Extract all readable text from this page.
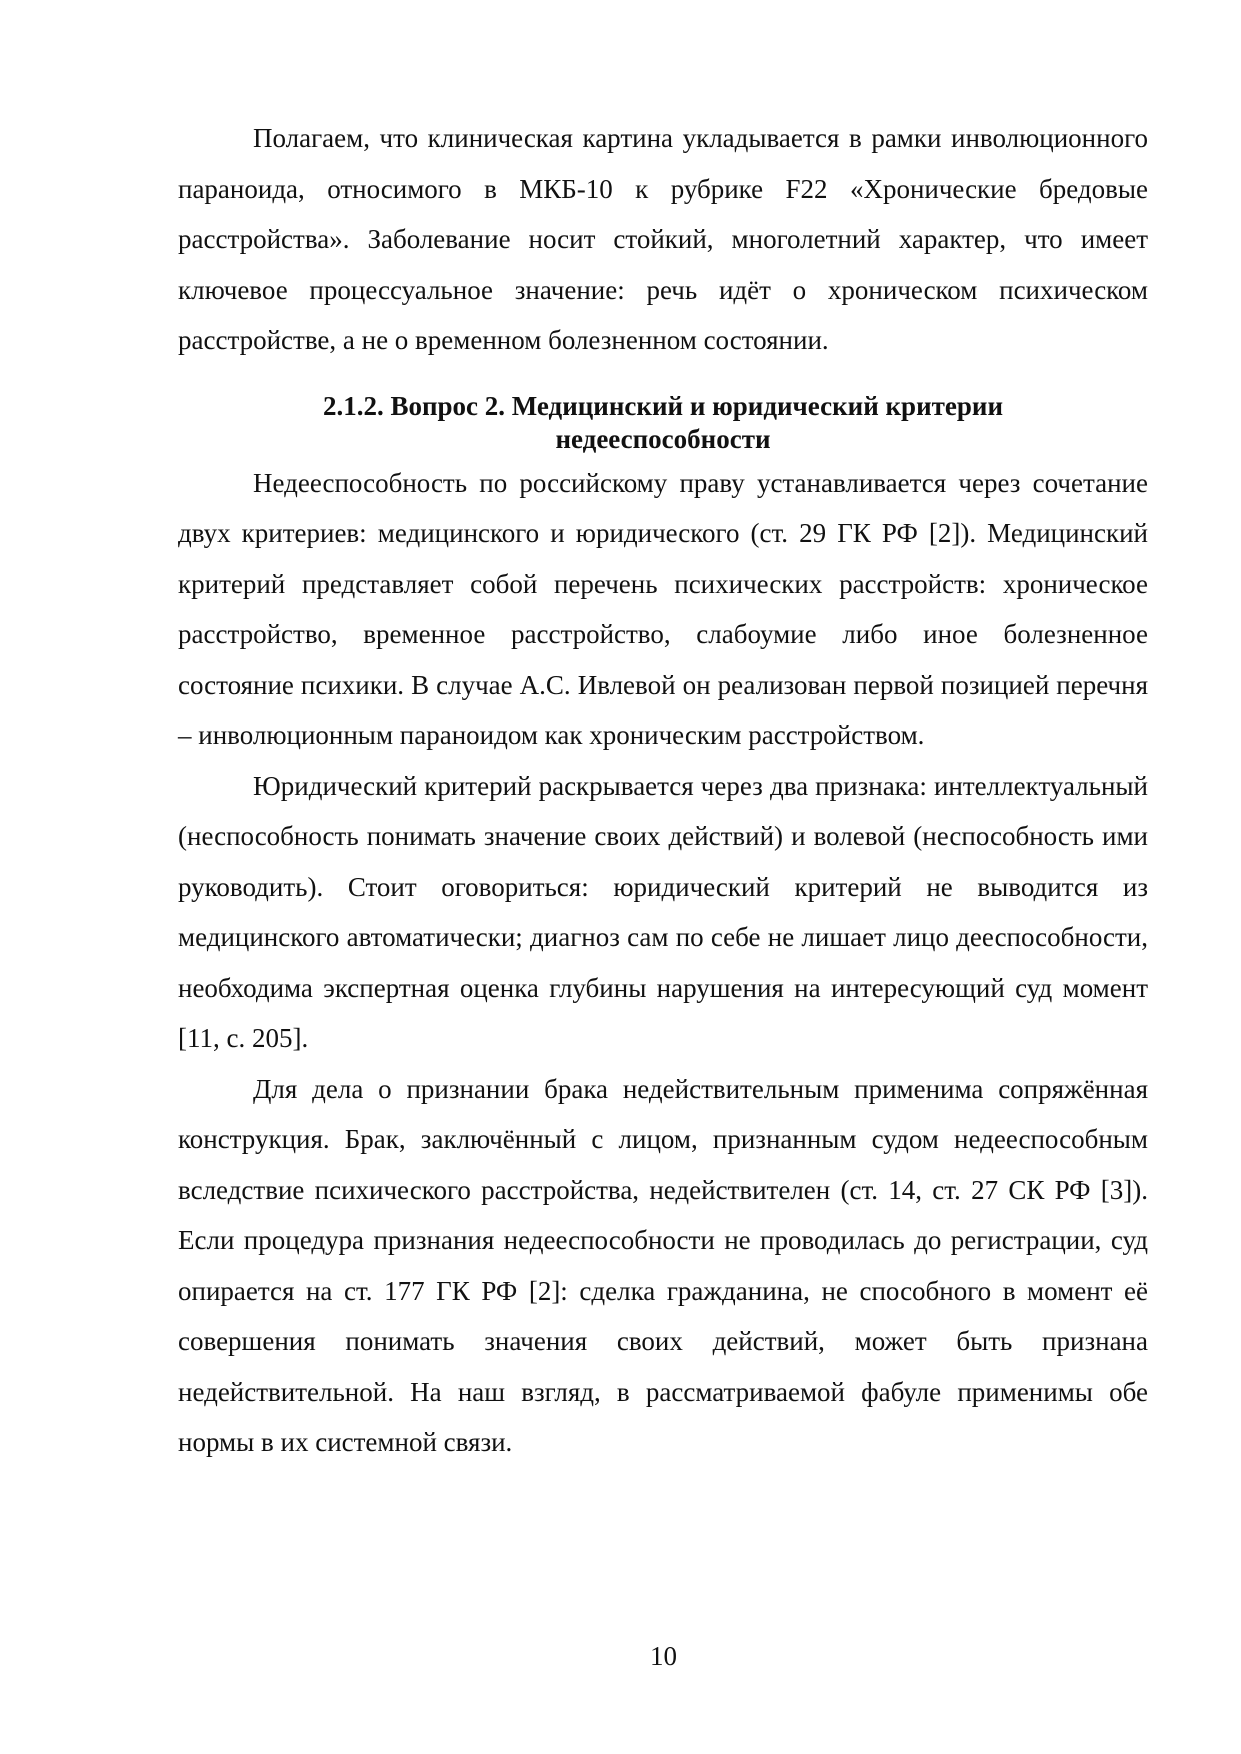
Полагаем, что клиническая картина укладывается в рамки инволюционного параноида, относимого в МКБ-10 к рубрике F22 «Хронические бредовые расстройства». Заболевание носит стойкий, многолетний характер, что имеет ключевое процессуальное значение: речь идёт о хроническом психическом расстройстве, а не о временном болезненном состоянии.

2.1.2. Вопрос 2. Медицинский и юридический критерии
недееспособности

Недееспособность по российскому праву устанавливается через сочетание двух критериев: медицинского и юридического (ст. 29 ГК РФ [2]). Медицинский критерий представляет собой перечень психических расстройств: хроническое расстройство, временное расстройство, слабоумие либо иное болезненное состояние психики. В случае А.С. Ивлевой он реализован первой позицией перечня – инволюционным параноидом как хроническим расстройством.

Юридический критерий раскрывается через два признака: интеллектуальный (неспособность понимать значение своих действий) и волевой (неспособность ими руководить). Стоит оговориться: юридический критерий не выводится из медицинского автоматически; диагноз сам по себе не лишает лицо дееспособности, необходима экспертная оценка глубины нарушения на интересующий суд момент [11, с. 205].

Для дела о признании брака недействительным применима сопряжённая конструкция. Брак, заключённый с лицом, признанным судом недееспособным вследствие психического расстройства, недействителен (ст. 14, ст. 27 СК РФ [3]). Если процедура признания недееспособности не проводилась до регистрации, суд опирается на ст. 177 ГК РФ [2]: сделка гражданина, не способного в момент её совершения понимать значения своих действий, может быть признана недействительной. На наш взгляд, в рассматриваемой фабуле применимы обе нормы в их системной связи.

10
